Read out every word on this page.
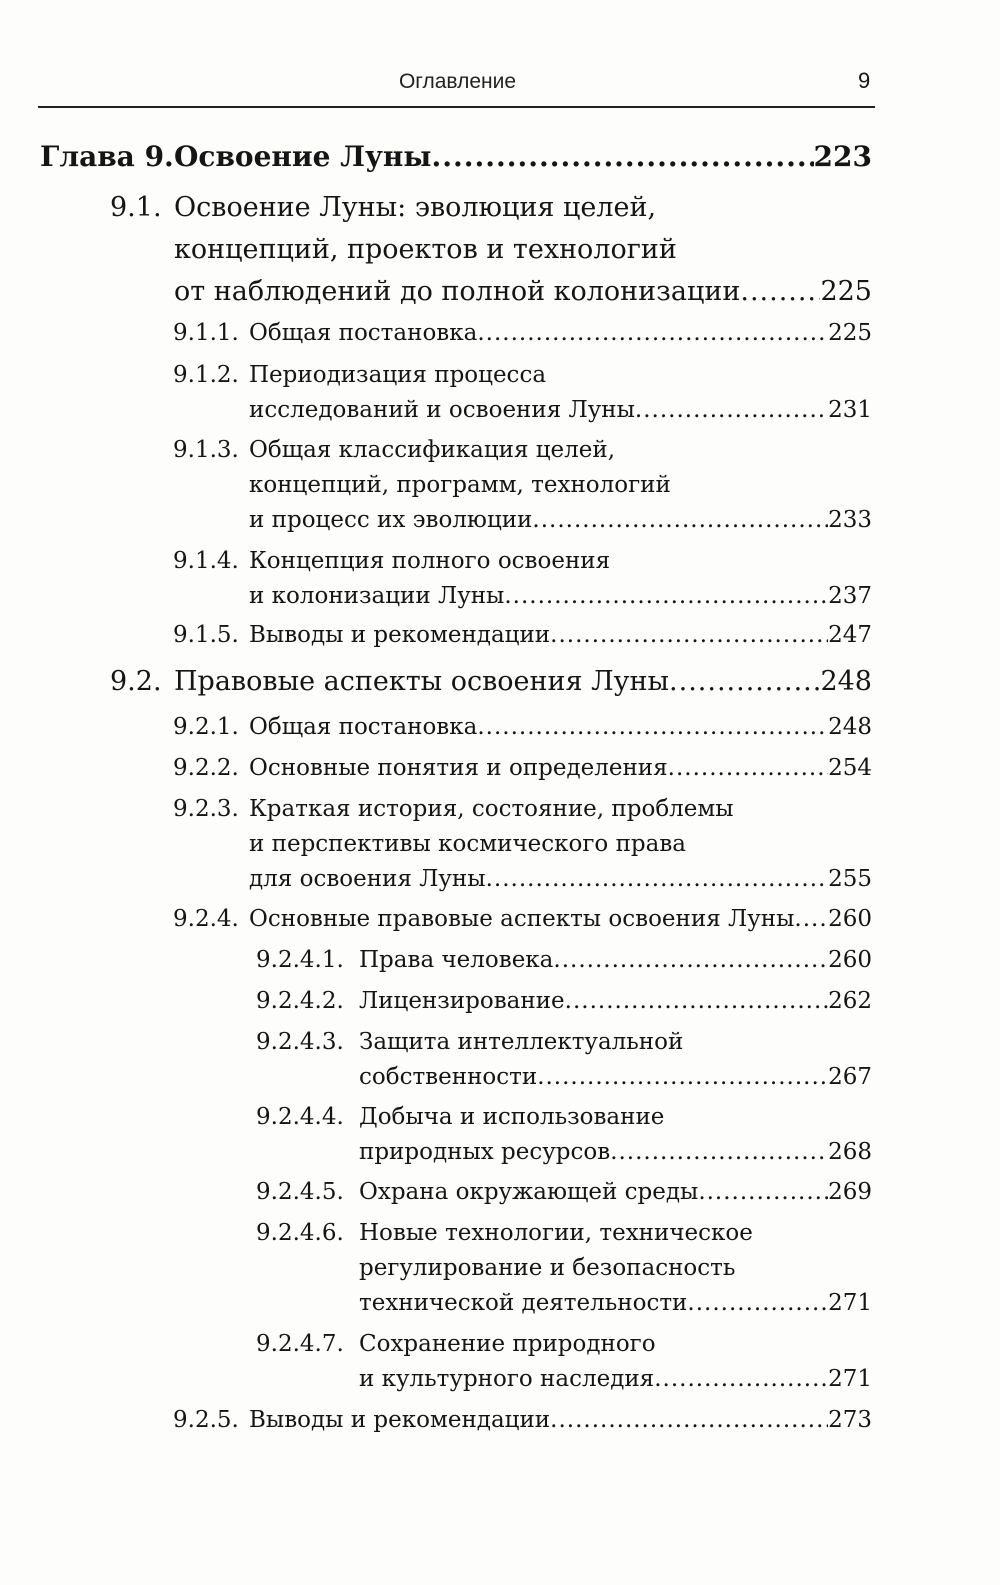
Оглавление	9
Глава 9. Освоение Луны .....	223
9.1. Освоение Луны: эволюция целей,
концепций, проектов и технологий
от наблюдений до полной колонизации .....	225
9.1.1. Общая постановка .....	225
9.1.2. Периодизация процесса
исследований и освоения Луны .....	231
9.1.3. Общая классификация целей,
концепций, программ, технологий
и процесс их эволюции .....	233
9.1.4. Концепция полного освоения
и колонизации Луны .....	237
9.1.5. Выводы и рекомендации .....	247
9.2. Правовые аспекты освоения Луны .....	248
9.2.1. Общая постановка .....	248
9.2.2. Основные понятия и определения .....	254
9.2.3. Краткая история, состояние, проблемы
и перспективы космического права
для освоения Луны .....	255
9.2.4. Основные правовые аспекты освоения Луны ..... 260
9.2.4.1. Права человека .....	260
9.2.4.2. Лицензирование .....	262
9.2.4.3. Защита интеллектуальной
собственности .....	267
9.2.4.4. Добыча и использование
природных ресурсов .....	268
9.2.4.5. Охрана окружающей среды .....	269
9.2.4.6. Новые технологии, техническое
регулирование и безопасность
технической деятельности .....	271
9.2.4.7. Сохранение природного
и культурного наследия .....	271
9.2.5. Выводы и рекомендации .....	273
